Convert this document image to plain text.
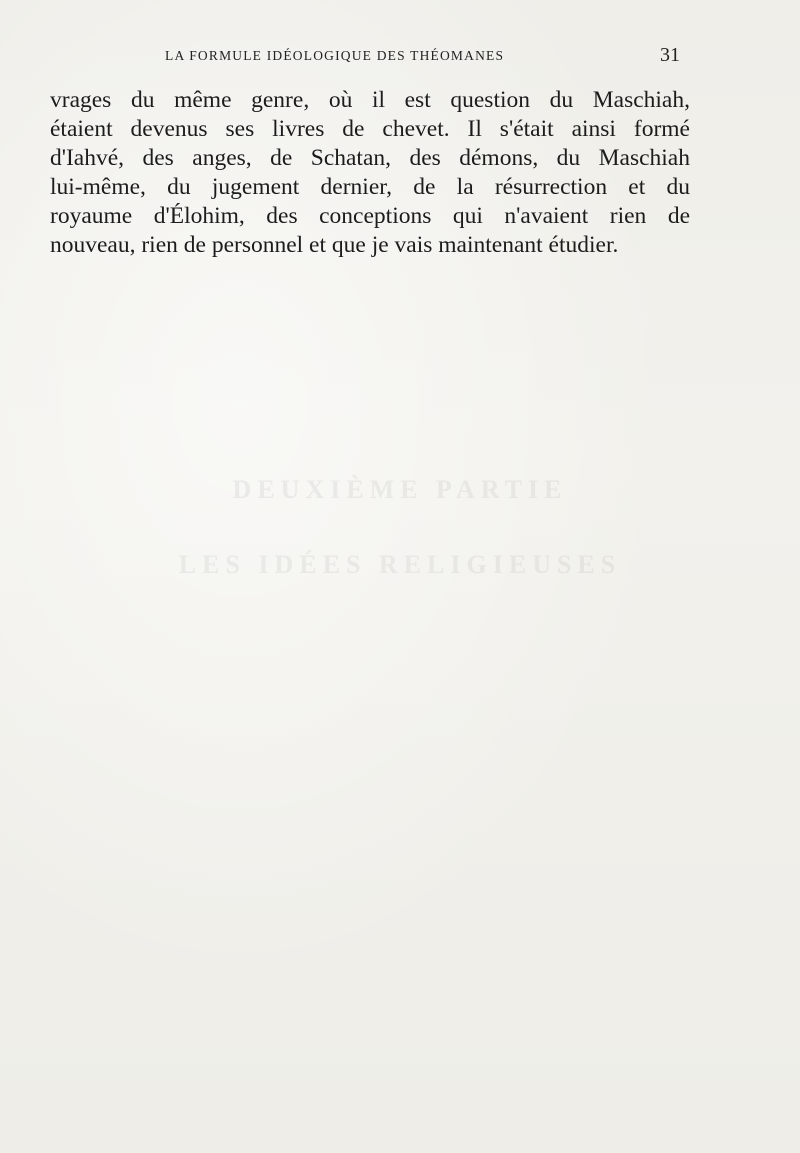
LA FORMULE IDÉOLOGIQUE DES THÉOMANES	31
vrages du même genre, où il est question du Maschiah,
étaient devenus ses livres de chevet. Il s'était ainsi formé
d'Iahvé, des anges, de Schatan, des démons, du Maschiah
lui-même, du jugement dernier, de la résurrection et du
royaume d'Élohim, des conceptions qui n'avaient rien de
nouveau, rien de personnel et que je vais maintenant étudier.
DEUXIÈME PARTIE
LES IDÉES RELIGIEUSES
